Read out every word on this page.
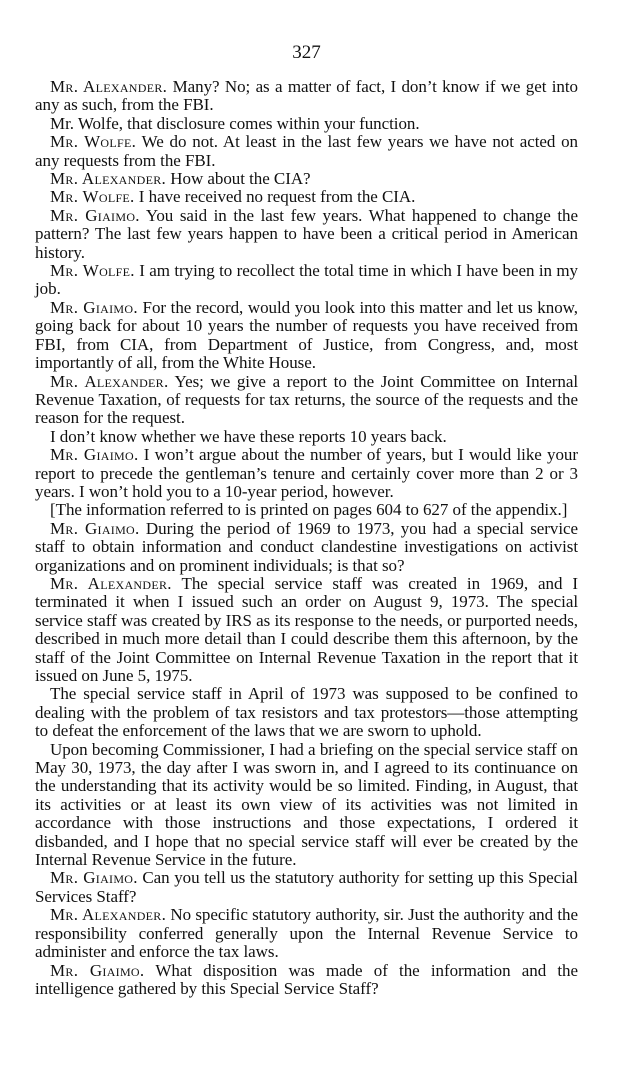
327

Mr. Alexander. Many? No; as a matter of fact, I don’t know if we get into any as such, from the FBI.

Mr. Wolfe, that disclosure comes within your function.

Mr. Wolfe. We do not. At least in the last few years we have not acted on any requests from the FBI.

Mr. Alexander. How about the CIA?

Mr. Wolfe. I have received no request from the CIA.

Mr. Giaimo. You said in the last few years. What happened to change the pattern? The last few years happen to have been a critical period in American history.

Mr. Wolfe. I am trying to recollect the total time in which I have been in my job.

Mr. Giaimo. For the record, would you look into this matter and let us know, going back for about 10 years the number of requests you have received from FBI, from CIA, from Department of Justice, from Congress, and, most importantly of all, from the White House.

Mr. Alexander. Yes; we give a report to the Joint Committee on Internal Revenue Taxation, of requests for tax returns, the source of the requests and the reason for the request.

I don’t know whether we have these reports 10 years back.

Mr. Giaimo. I won’t argue about the number of years, but I would like your report to precede the gentleman’s tenure and certainly cover more than 2 or 3 years. I won’t hold you to a 10-year period, however.

[The information referred to is printed on pages 604 to 627 of the appendix.]

Mr. Giaimo. During the period of 1969 to 1973, you had a special service staff to obtain information and conduct clandestine investigations on activist organizations and on prominent individuals; is that so?

Mr. Alexander. The special service staff was created in 1969, and I terminated it when I issued such an order on August 9, 1973. The special service staff was created by IRS as its response to the needs, or purported needs, described in much more detail than I could describe them this afternoon, by the staff of the Joint Committee on Internal Revenue Taxation in the report that it issued on June 5, 1975.

The special service staff in April of 1973 was supposed to be confined to dealing with the problem of tax resistors and tax protestors—those attempting to defeat the enforcement of the laws that we are sworn to uphold.

Upon becoming Commissioner, I had a briefing on the special service staff on May 30, 1973, the day after I was sworn in, and I agreed to its continuance on the understanding that its activity would be so limited. Finding, in August, that its activities or at least its own view of its activities was not limited in accordance with those instructions and those expectations, I ordered it disbanded, and I hope that no special service staff will ever be created by the Internal Revenue Service in the future.

Mr. Giaimo. Can you tell us the statutory authority for setting up this Special Services Staff?

Mr. Alexander. No specific statutory authority, sir. Just the authority and the responsibility conferred generally upon the Internal Revenue Service to administer and enforce the tax laws.

Mr. Giaimo. What disposition was made of the information and the intelligence gathered by this Special Service Staff?
